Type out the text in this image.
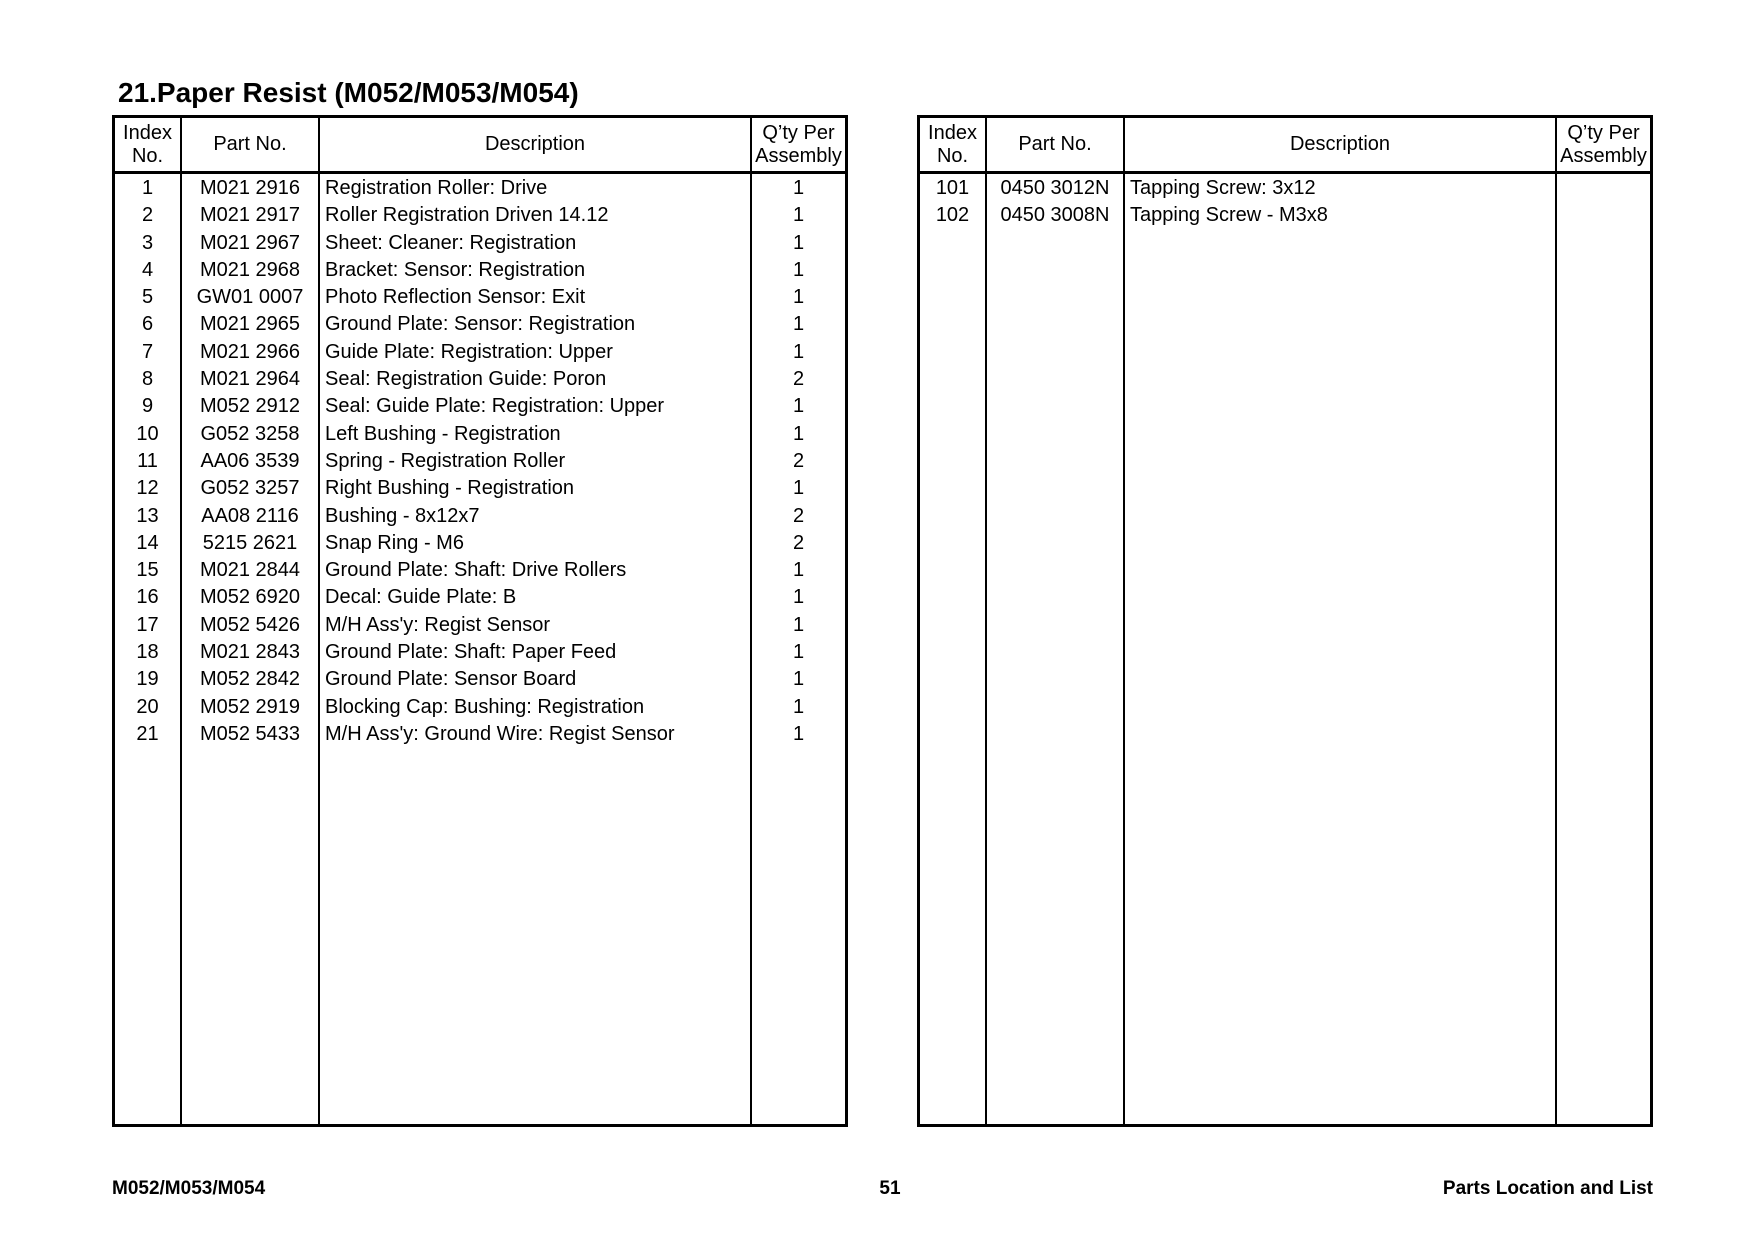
21.Paper Resist (M052/M053/M054)
Index
No.
Part No.	Description
Q’ty Per
Assembly
1	M021 2916	Registration Roller: Drive	1
2	M021 2917	Roller Registration Driven 14.12	1
3	M021 2967	Sheet: Cleaner: Registration	1
4	M021 2968	Bracket: Sensor: Registration	1
5	GW01 0007	Photo Reflection Sensor: Exit	1
6	M021 2965	Ground Plate: Sensor: Registration	1
7	M021 2966	Guide Plate: Registration: Upper	1
8	M021 2964	Seal: Registration Guide: Poron	2
9	M052 2912	Seal: Guide Plate: Registration: Upper	1
10	G052 3258	Left Bushing - Registration	1
11	AA06 3539	Spring - Registration Roller	2
12	G052 3257	Right Bushing - Registration	1
13	AA08 2116	Bushing - 8x12x7	2
14	5215 2621	Snap Ring - M6	2
15	M021 2844	Ground Plate: Shaft: Drive Rollers	1
16	M052 6920	Decal: Guide Plate: B	1
17	M052 5426	M/H Ass'y: Regist Sensor	1
18	M021 2843	Ground Plate: Shaft: Paper Feed	1
19	M052 2842	Ground Plate: Sensor Board	1
20	M052 2919	Blocking Cap: Bushing: Registration	1
21	M052 5433	M/H Ass'y: Ground Wire: Regist Sensor	1
Index
No.
Part No.	Description
Q’ty Per
Assembly
101	0450 3012N	Tapping Screw: 3x12
102	0450 3008N	Tapping Screw - M3x8
M052/M053/M054	51	Parts Location and List
